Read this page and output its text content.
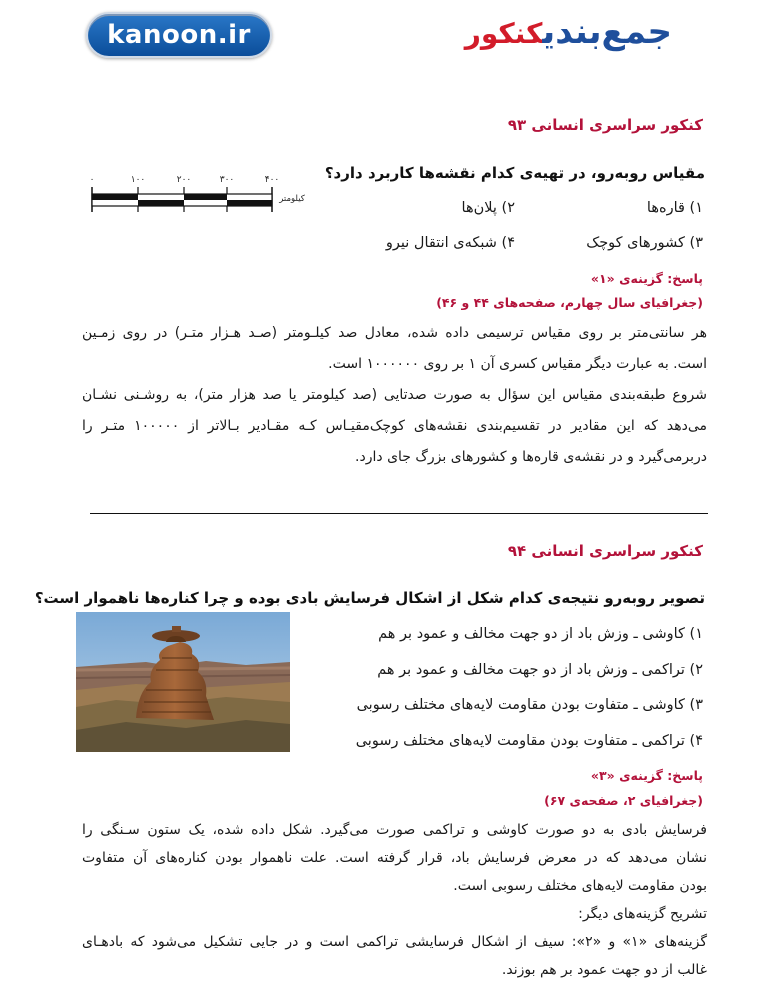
kanoon.ir	جمع‌بندیکنکور
کنکور سراسری انسانی ۹۳
مقیاس روبه‌رو، در تهیه‌ی کدام نقشه‌ها کاربرد دارد؟
۱) قاره‌ها
۲) پلان‌ها
۳) کشورهای کوچک
۴) شبکه‌ی انتقال نیرو
۰	۱۰۰	۲۰۰	۳۰۰	۴۰۰
کیلومتر
پاسخ: گزینه‌ی «۱»
(جغرافیای سال چهارم، صفحه‌های ۴۴ و ۴۶)
هر سانتی‌متر بر روی مقیاس ترسیمی داده شده، معادل صد کیلـومتر (صـد هـزار متـر) در روی زمـین
است. به عبارت دیگر مقیاس کسری آن ۱ بر روی ۱۰۰۰۰۰۰ است.
شروع طبقه‌بندی مقیاس این سؤال به صورت صدتایی (صد کیلومتر یا صد هزار متر)، به روشـنی نشـان
می‌دهد که این مقادیر در تقسیم‌بندی نقشه‌های کوچک‌مقیـاس کـه مقـادیر بـالاتر از ۱۰۰۰۰۰ متـر را
دربرمی‌گیرد و در نقشه‌ی قاره‌ها و کشورهای بزرگ جای دارد.
کنکور سراسری انسانی ۹۴
تصویر روبه‌رو نتیجه‌ی کدام شکل از اشکال فرسایش بادی بوده و چرا کناره‌ها ناهموار است؟
۱) کاوشی ـ وزش باد از دو جهت مخالف و عمود بر هم
۲) تراکمی ـ وزش باد از دو جهت مخالف و عمود بر هم
۳) کاوشی ـ متفاوت بودن مقاومت لایه‌های مختلف رسوبی
۴) تراکمی ـ متفاوت بودن مقاومت لایه‌های مختلف رسوبی
پاسخ: گزینه‌ی «۳»
(جغرافیای ۲، صفحه‌ی ۶۷)
فرسایش بادی به دو صورت کاوشی و تراکمی صورت می‌گیرد. شکل داده شده، یک ستون سـنگی را
نشان می‌دهد که در معرض فرسایش باد، قرار گرفته است. علت ناهموار بودن کناره‌های آن متفاوت
بودن مقاومت لایه‌های مختلف رسوبی است.
تشریح گزینه‌های دیگر:
گزینه‌های «۱» و «۲»: سیف از اشکال فرسایشی تراکمی است و در جایی تشکیل می‌شود که بادهـای
غالب از دو جهت عمود بر هم بوزند.
